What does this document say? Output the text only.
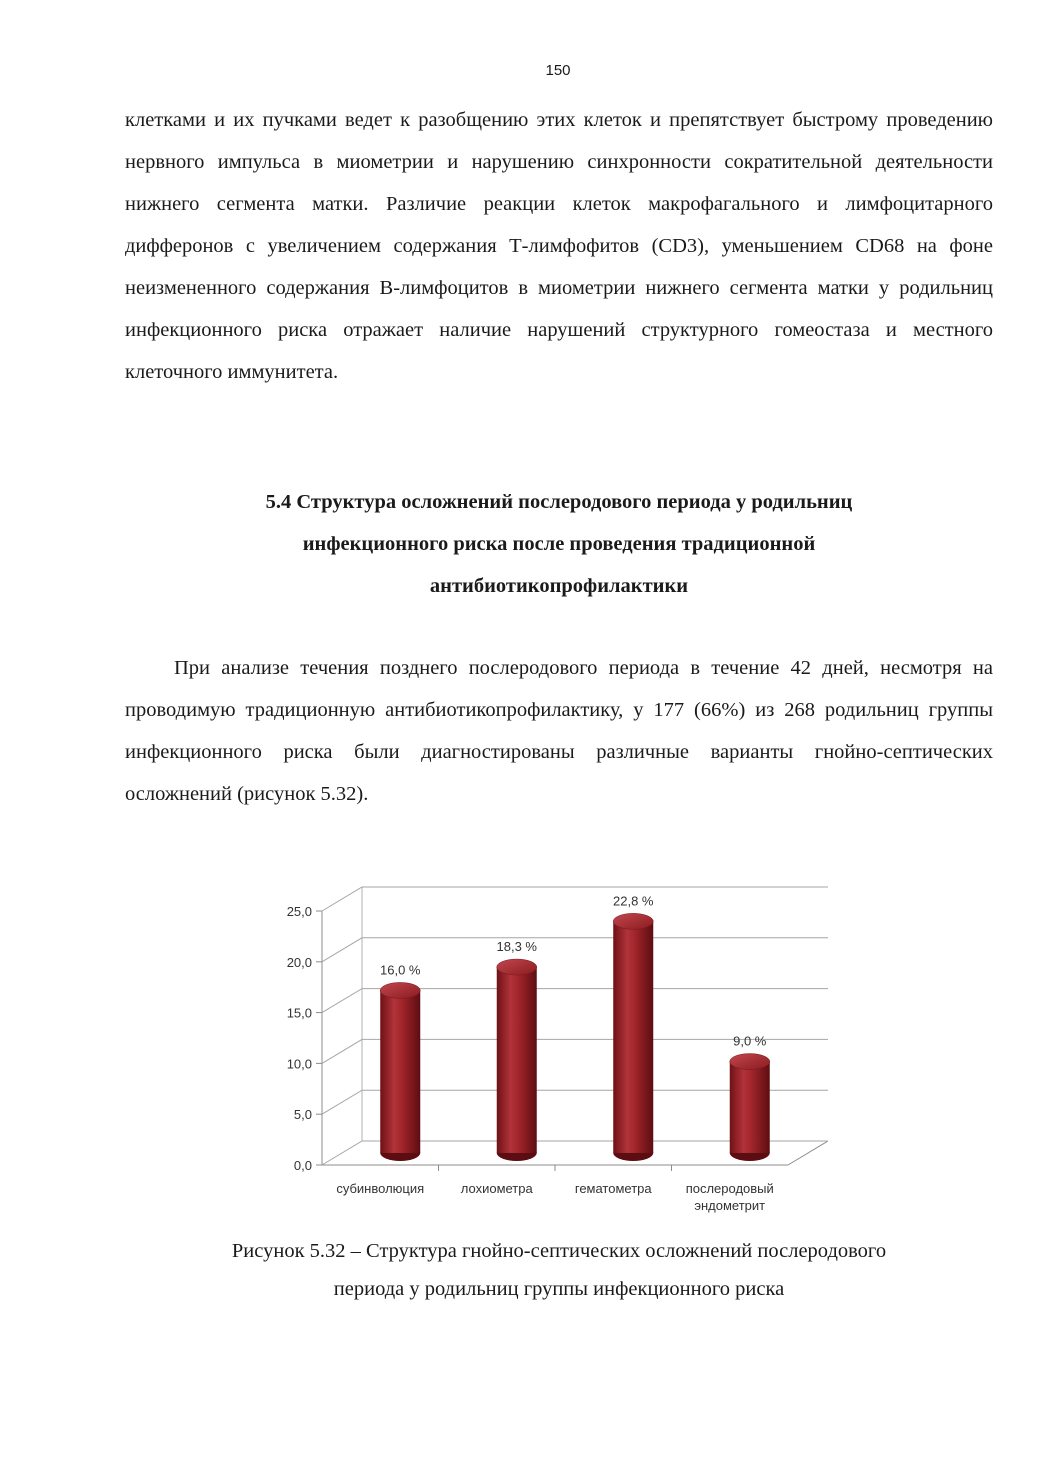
150

клетками и их пучками ведет к разобщению этих клеток и препятствует быстрому проведению нервного импульса в миометрии и нарушению синхронности сократительной деятельности нижнего сегмента матки. Различие реакции клеток макрофагального и лимфоцитарного дифферонов с увеличением содержания Т-лимфофитов (CD3), уменьшением CD68 на фоне неизмененного содержания В-лимфоцитов в миометрии нижнего сегмента матки у родильниц инфекционного риска отражает наличие нарушений структурного гомеостаза и местного клеточного иммунитета.

5.4 Структура осложнений послеродового периода у родильниц
инфекционного риска после проведения традиционной
антибиотикопрофилактики

При анализе течения позднего послеродового периода в течение 42 дней, несмотря на проводимую традиционную антибиотикопрофилактику, у 177 (66%) из 268 родильниц группы инфекционного риска были диагностированы различные варианты гнойно-септических осложнений (рисунок 5.32).

0,0
5,0
10,0
15,0
20,0
25,0
16,0 %
18,3 %
22,8 %
9,0 %
субинволюция	лохиометра	гематометра	послеродовый эндометрит
Рисунок 5.32 – Структура гнойно-септических осложнений послеродового
периода у родильниц группы инфекционного риска
